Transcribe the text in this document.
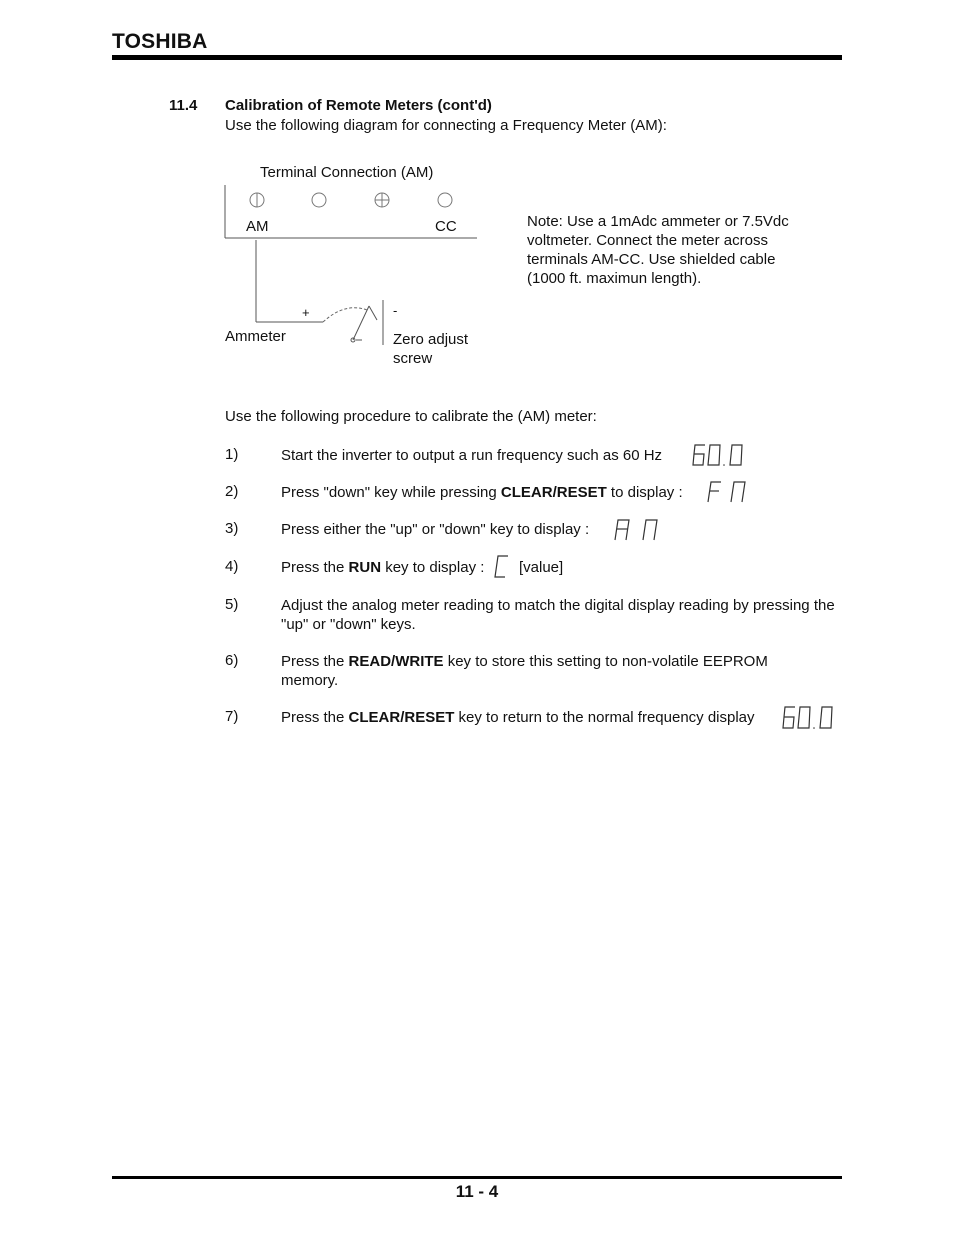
TOSHIBA
11.4 Calibration of Remote Meters (cont'd)
Use the following diagram for connecting a Frequency Meter (AM):
Terminal Connection (AM)
AM	CC
+	-
Ammeter	Zero adjust screw
Note: Use a 1mAdc ammeter or 7.5Vdc voltmeter. Connect the meter across terminals AM-CC. Use shielded cable (1000 ft. maximun length).
Use the following procedure to calibrate the (AM) meter:
1)	Start the inverter to output a run frequency such as 60 Hz
2)	Press "down" key while pressing CLEAR/RESET to display :
3)	Press either the "up" or "down" key to display :
4)	Press the RUN key to display :	[value]
5)	Adjust the analog meter reading to match the digital display reading by pressing the "up" or "down" keys.
6)	Press the READ/WRITE key to store this setting to non-volatile EEPROM memory.
7)	Press the CLEAR/RESET key to return to the normal frequency display
11 - 4
